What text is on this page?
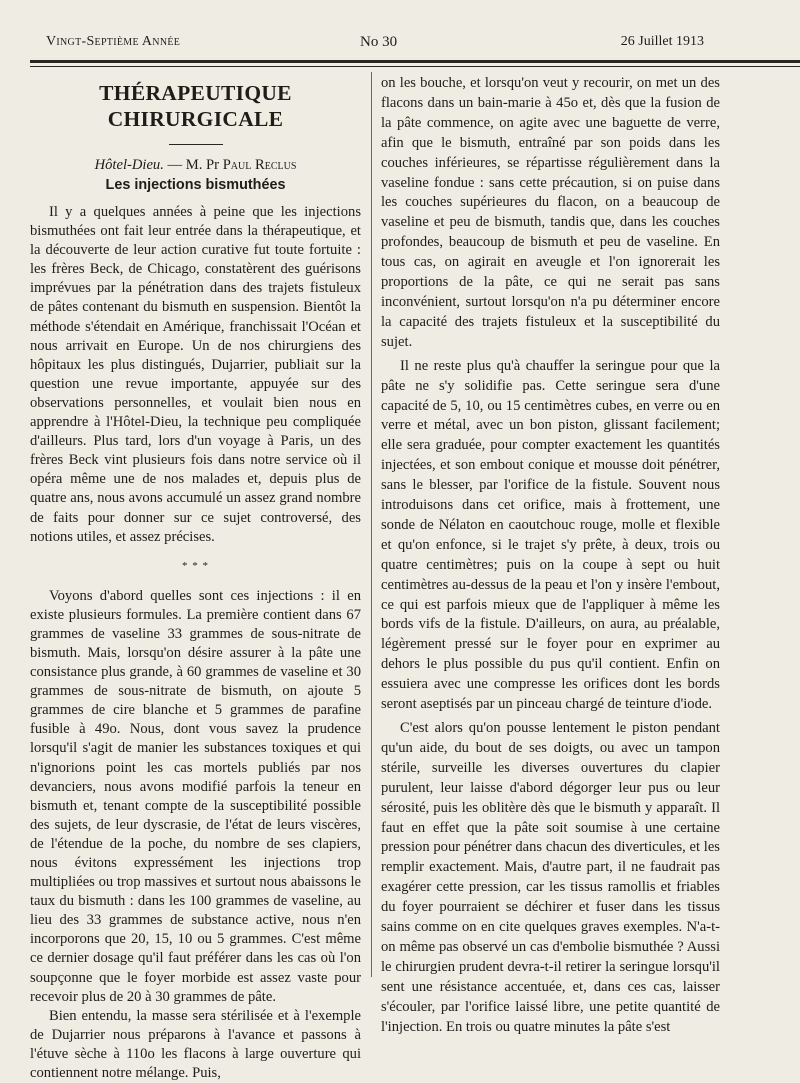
Vingt-Septième Année	No 30	26 Juillet 1913
THÉRAPEUTIQUE CHIRURGICALE
Hôtel-Dieu. — M. Pr Paul Reclus
Les injections bismuthées

Il y a quelques années à peine que les injections bismuthées ont fait leur entrée dans la thérapeutique, et la découverte de leur action curative fut toute fortuite : les frères Beck, de Chicago, constatèrent des guérisons imprévues par la pénétration dans des trajets fistuleux de pâtes contenant du bismuth en suspension. Bientôt la méthode s'étendait en Amérique, franchissait l'Océan et nous arrivait en Europe. Un de nos chirurgiens des hôpitaux les plus distingués, Dujarrier, publiait sur la question une revue importante, appuyée sur des observations personnelles, et voulait bien nous en apprendre à l'Hôtel-Dieu, la technique peu compliquée d'ailleurs. Plus tard, lors d'un voyage à Paris, un des frères Beck vint plusieurs fois dans notre service où il opéra même une de nos malades et, depuis plus de quatre ans, nous avons accumulé un assez grand nombre de faits pour donner sur ce sujet controversé, des notions utiles, et assez précises.

* * *

Voyons d'abord quelles sont ces injections : il en existe plusieurs formules. La première contient dans 67 grammes de vaseline 33 grammes de sous-nitrate de bismuth. Mais, lorsqu'on désire assurer à la pâte une consistance plus grande, à 60 grammes de vaseline et 30 grammes de sous-nitrate de bismuth, on ajoute 5 grammes de cire blanche et 5 grammes de parafine fusible à 49o. Nous, dont vous savez la prudence lorsqu'il s'agit de manier les substances toxiques et qui n'ignorions point les cas mortels publiés par nos devanciers, nous avons modifié parfois la teneur en bismuth et, tenant compte de la susceptibilité possible des sujets, de leur dyscrasie, de l'état de leurs viscères, de l'étendue de la poche, du nombre de ses clapiers, nous évitons expressément les injections trop multipliées ou trop massives et surtout nous abaissons le taux du bismuth : dans les 100 grammes de vaseline, au lieu des 33 grammes de substance active, nous n'en incorporons que 20, 15, 10 ou 5 grammes. C'est même ce dernier dosage qu'il faut préférer dans les cas où l'on soupçonne que le foyer morbide est assez vaste pour recevoir plus de 20 à 30 grammes de pâte.

Bien entendu, la masse sera stérilisée et à l'exemple de Dujarrier nous préparons à l'avance et passons à l'étuve sèche à 110o les flacons à large ouverture qui contiennent notre mélange. Puis,

on les bouche, et lorsqu'on veut y recourir, on met un des flacons dans un bain-marie à 45o et, dès que la fusion de la pâte commence, on agite avec une baguette de verre, afin que le bismuth, entraîné par son poids dans les couches inférieures, se répartisse régulièrement dans la vaseline fondue : sans cette précaution, si on puise dans les couches supérieures du flacon, on a beaucoup de vaseline et peu de bismuth, tandis que, dans les couches profondes, beaucoup de bismuth et peu de vaseline. En tous cas, on agirait en aveugle et l'on ignorerait les proportions de la pâte, ce qui ne serait pas sans inconvénient, surtout lorsqu'on n'a pu déterminer encore la capacité des trajets fistuleux et la susceptibilité du sujet.

Il ne reste plus qu'à chauffer la seringue pour que la pâte ne s'y solidifie pas. Cette seringue sera d'une capacité de 5, 10, ou 15 centimètres cubes, en verre ou en verre et métal, avec un bon piston, glissant facilement; elle sera graduée, pour compter exactement les quantités injectées, et son embout conique et mousse doit pénétrer, sans le blesser, par l'orifice de la fistule. Souvent nous introduisons dans cet orifice, mais à frottement, une sonde de Nélaton en caoutchouc rouge, molle et flexible et qu'on enfonce, si le trajet s'y prête, à deux, trois ou quatre centimètres; puis on la coupe à sept ou huit centimètres au-dessus de la peau et l'on y insère l'embout, ce qui est parfois mieux que de l'appliquer à même les bords vifs de la fistule. D'ailleurs, on aura, au préalable, légèrement pressé sur le foyer pour en exprimer au dehors le plus possible du pus qu'il contient. Enfin on essuiera avec une compresse les orifices dont les bords seront aseptisés par un pinceau chargé de teinture d'iode.

C'est alors qu'on pousse lentement le piston pendant qu'un aide, du bout de ses doigts, ou avec un tampon stérile, surveille les diverses ouvertures du clapier purulent, leur laisse d'abord dégorger leur pus ou leur sérosité, puis les oblitère dès que le bismuth y apparaît. Il faut en effet que la pâte soit soumise à une certaine pression pour pénétrer dans chacun des diverticules, et les remplir exactement. Mais, d'autre part, il ne faudrait pas exagérer cette pression, car les tissus ramollis et friables du foyer pourraient se déchirer et fuser dans les tissus sains comme on en cite quelques graves exemples. N'a-t-on même pas observé un cas d'embolie bismuthée ? Aussi le chirurgien prudent devra-t-il retirer la seringue lorsqu'il sent une résistance accentuée, et, dans ces cas, laisser s'écouler, par l'orifice laissé libre, une petite quantité de l'injection. En trois ou quatre minutes la pâte s'est
